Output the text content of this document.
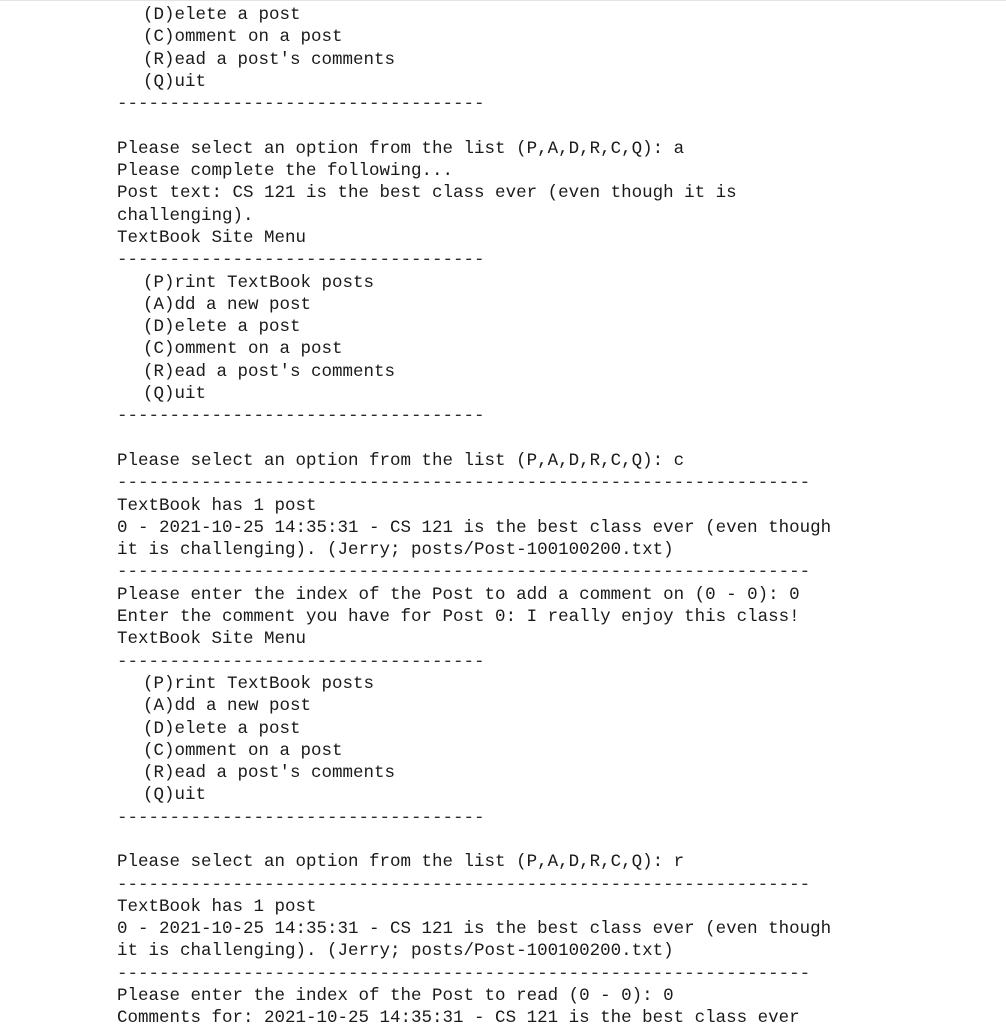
(D)elete a post
(C)omment on a post
(R)ead a post's comments
(Q)uit
-----------------------------------
Please select an option from the list (P,A,D,R,C,Q): a
Please complete the following...
Post text: CS 121 is the best class ever (even though it is
challenging).
TextBook Site Menu
-----------------------------------
(P)rint TextBook posts
(A)dd a new post
(D)elete a post
(C)omment on a post
(R)ead a post's comments
(Q)uit
-----------------------------------
Please select an option from the list (P,A,D,R,C,Q): c
------------------------------------------------------------------
TextBook has 1 post
0 - 2021-10-25 14:35:31 - CS 121 is the best class ever (even though
it is challenging). (Jerry; posts/Post-100100200.txt)
------------------------------------------------------------------
Please enter the index of the Post to add a comment on (0 - 0): 0
Enter the comment you have for Post 0: I really enjoy this class!
TextBook Site Menu
-----------------------------------
(P)rint TextBook posts
(A)dd a new post
(D)elete a post
(C)omment on a post
(R)ead a post's comments
(Q)uit
-----------------------------------
Please select an option from the list (P,A,D,R,C,Q): r
------------------------------------------------------------------
TextBook has 1 post
0 - 2021-10-25 14:35:31 - CS 121 is the best class ever (even though
it is challenging). (Jerry; posts/Post-100100200.txt)
------------------------------------------------------------------
Please enter the index of the Post to read (0 - 0): 0
Comments for: 2021-10-25 14:35:31 - CS 121 is the best class ever
